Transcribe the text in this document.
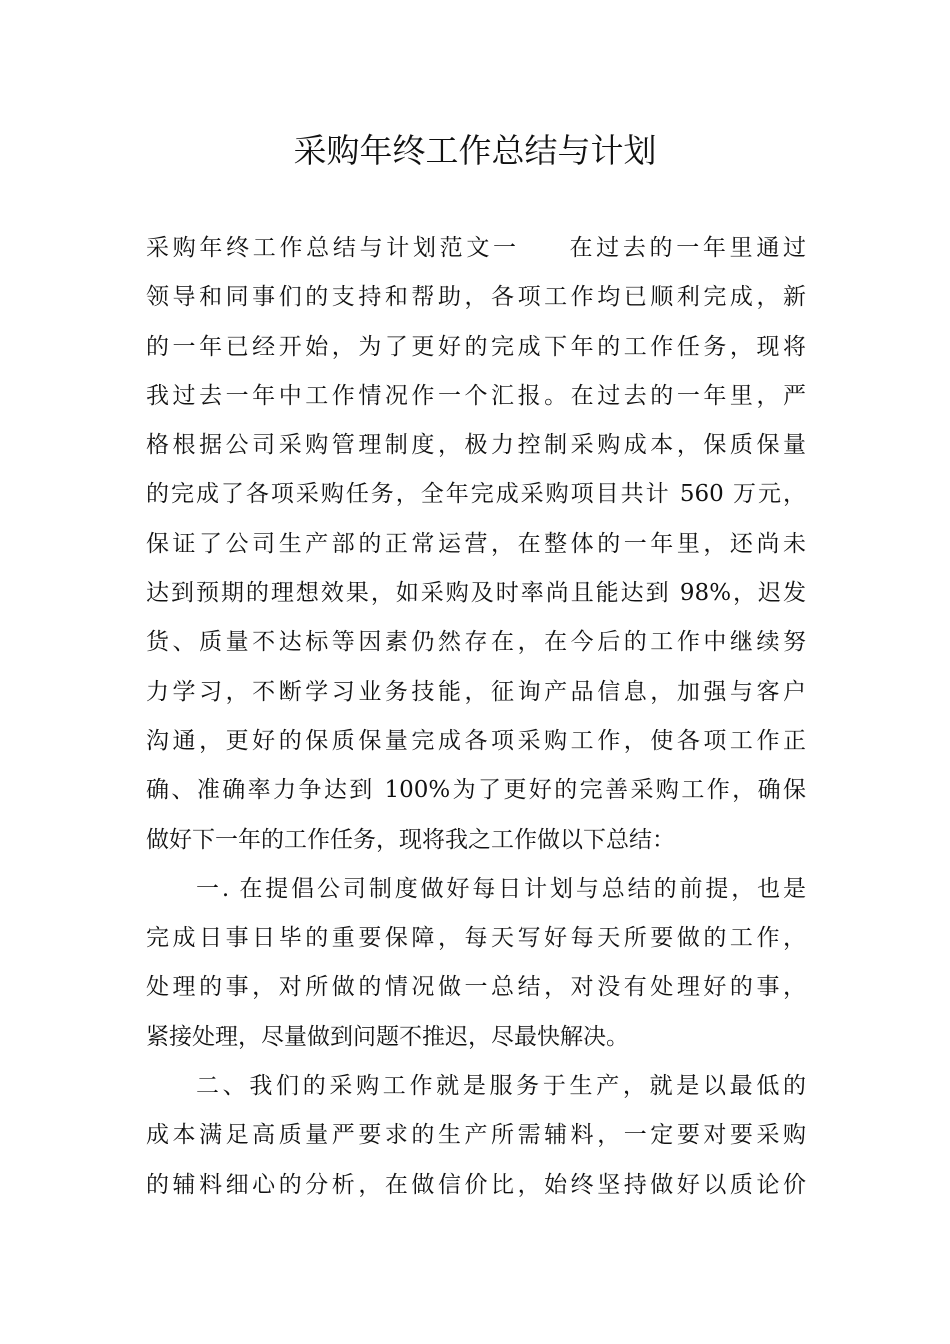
采购年终工作总结与计划
采购年终工作总结与计划范文一 在过去的一年里通过
领导和同事们的支持和帮助，各项工作均已顺利完成，新
的一年已经开始，为了更好的完成下年的工作任务，现将
我过去一年中工作情况作一个汇报。在过去的一年里，严
格根据公司采购管理制度，极力控制采购成本，保质保量
的完成了各项采购任务，全年完成采购项目共计 560 万元，
保证了公司生产部的正常运营，在整体的一年里，还尚未
达到预期的理想效果，如采购及时率尚且能达到 98%，迟发
货、质量不达标等因素仍然存在，在今后的工作中继续努
力学习，不断学习业务技能，征询产品信息，加强与客户
沟通，更好的保质保量完成各项采购工作，使各项工作正
确、准确率力争达到 100%为了更好的完善采购工作，确保
做好下一年的工作任务，现将我之工作做以下总结：
一. 在提倡公司制度做好每日计划与总结的前提，也是
完成日事日毕的重要保障，每天写好每天所要做的工作，
处理的事，对所做的情况做一总结，对没有处理好的事，
紧接处理，尽量做到问题不推迟，尽最快解决。
二、我们的采购工作就是服务于生产，就是以最低的
成本满足高质量严要求的生产所需辅料，一定要对要采购
的辅料细心的分析，在做信价比，始终坚持做好以质论价
